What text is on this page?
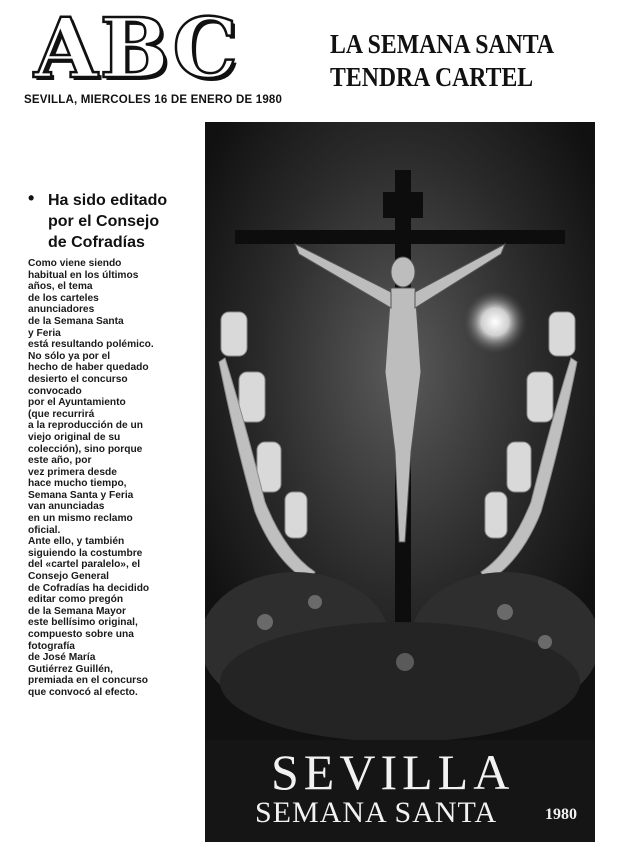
ABC
SEVILLA, MIERCOLES 16 DE ENERO DE 1980
LA SEMANA SANTA
TENDRA CARTEL
• Ha sido editado
por el Consejo
de Cofradías
Como viene siendo
habitual en los últimos
años, el tema
de los carteles
anunciadores
de la Semana Santa
y Feria
está resultando polémico.
No sólo ya por el
hecho de haber quedado
desierto el concurso
convocado
por el Ayuntamiento
(que recurrirá
a la reproducción de un
viejo original de su
colección), sino porque
este año, por
vez primera desde
hace mucho tiempo,
Semana Santa y Feria
van anunciadas
en un mismo reclamo
oficial.
Ante ello, y también
siguiendo la costumbre
del «cartel paralelo», el
Consejo General
de Cofradías ha decidido
editar como pregón
de la Semana Mayor
este bellísimo original,
compuesto sobre una
fotografía
de José María
Gutiérrez Guillén,
premiada en el concurso
que convocó al efecto.
SEVILLA
SEMANA SANTA	1980
